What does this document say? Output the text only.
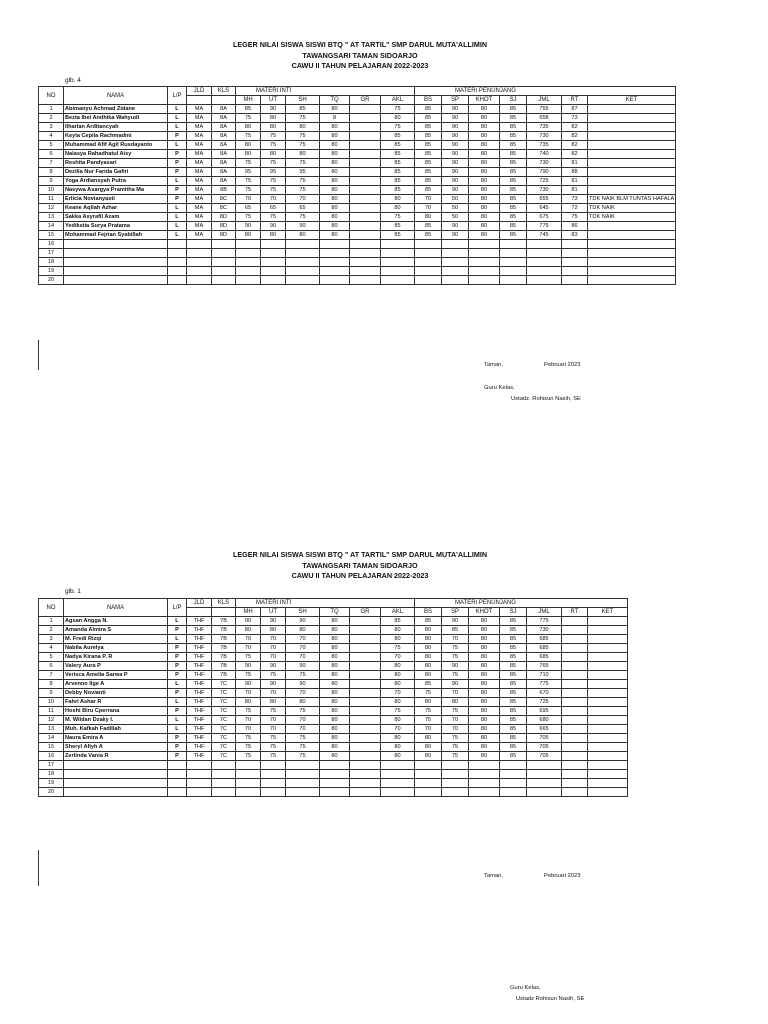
LEGER NILAI SISWA SISWI BTQ " AT TARTIL" SMP DARUL MUTA'ALLIMIN
TAWANGSARI TAMAN SIDOARJO
CAWU II TAHUN PELAJARAN 2022-2023
glb. 4
NO	NAMA	L/P	JLD	KLS	MATERI INTI						MATERI PENUNJANG						
					MH	UT	SH	TQ	GR	AKL	BS	SP	KHOT	SJ	JML	RT	KET
1	Abimanyu Achmad Zidane	L	MA	8A	85	90	85	80		75	85	90	80	85	755	87	
2	Bezta Ibel Andhika Wahyudi	L	MA	8A	75	80	75	8		80	85	90	80	85	658	73	
3	Ilharlan Arditancyah	L	MA	8A	80	80	80	80		75	85	90	80	85	735	82	
4	Keyla Cepila Rachmadini	P	MA	8A	75	75	75	80		85	85	90	80	85	730	82	
5	Muhammad Afif Agil Rusdayanto	L	MA	8A	80	75	75	80		85	85	90	80	85	735	82	
6	Nalasya Rahadhatul Aisy	P	MA	8A	80	80	80	80		85	85	90	80	85	740	82	
7	Reshita Pandyasari	P	MA	8A	75	75	75	80		85	85	90	80	85	730	81	
8	Dezilia Nur Farida Gafiri	P	MA	8A	95	95	95	80		85	85	90	80	85	790	88	
9	Yoga Ardiansyah Putra	L	MA	8A	75	75	75	80		85	85	90	80	85	725	81	
10	Nasywa Asargya Pramitha Ma	P	MA	8B	75	75	75	80		85	85	90	80	85	730	81	
11	Erlicia Novianyasti	P	MA	8C	70	70	70	80		80	70	50	80	85	655	73	TDK NAIK BLM TUNTAS HAFALA
12	Keane Aqilah Azhar	L	MA	8C	65	65	65	80		80	70	50	80	85	645	72	TDK NAIK
13	Sakka Asyrafil Azam	L	MA	8D	75	75	75	80		75	80	50	80	85	675	75	TDK NAIK
14	Yedikstia Surya Pratama	L	MA	8D	90	90	90	80		85	85	90	80	85	775	86	
15	Mohammad Fejrian Syabillah	L	MA	8D	80	80	80	80		85	85	90	80	85	745	83	
16																	
17																	
18																	
19																	
20																	
Taman,	Pebruari 2023
Guru Kelas,
Ustadz. Rohisun Nasih, SE
LEGER NILAI SISWA SISWI BTQ " AT TARTIL" SMP DARUL MUTA'ALLIMIN
TAWANGSARI TAMAN SIDOARJO
CAWU II TAHUN PELAJARAN 2022-2023
glb. 1
NO	NAMA	L/P	JLD	KLS	MATERI INTI						MATERI PENUNJANG						
					MH	UT	SH	TQ	GR	AKL	BS	SP	KHOT	SJ	JML	RT	KET
1	Agsan Angga N.	L	THF	7B	90	90	90	80		85	85	90	80	85	775		
2	Amanda Almira S	P	THF	7B	80	80	80	80		80	80	85	80	85	730		
3	M. Fredi Rizqi	L	THF	7B	70	70	70	80		80	80	70	80	85	685		
4	Nabila Aurelya	P	THF	7B	70	70	70	80		75	80	75	80	85	685		
5	Nadya Kirana P. R	P	THF	7B	75	70	70	80		70	80	75	80	85	685		
6	Valery Aura P	P	THF	7B	90	90	90	80		80	80	90	80	85	765		
7	Verisca Amelia Sarwa P	P	THF	7B	75	75	75	80		80	80	75	80	85	710		
8	Arvenno Ilge A	L	THF	7C	90	90	90	80		80	85	90	80	85	775		
9	Debby Novianti	P	THF	7C	70	70	70	80		70	75	70	80	85	670		
10	Fahri Ashar R	L	THF	7C	80	80	80	80		80	80	80	80	85	725		
11	Hoshi Biru Cperrana	P	THF	7C	75	75	75	80		75	75	75	80	85	695		
12	M. Wildan Dzaky I.	L	THF	7C	70	70	70	80		80	75	70	80	85	680		
13	Muh. Kafkah Fadillah	L	THF	7C	70	70	70	80		70	70	70	80	85	665		
14	Naura Emira A	P	THF	7C	75	75	75	80		80	80	75	80	85	705		
15	Sheryl Afiyh A	P	THF	7C	75	75	75	80		80	80	75	80	85	705		
16	Zerlinda Vania R	P	THF	7C	75	75	75	80		80	80	75	80	85	705		
17																	
18																	
19																	
20																	
Taman,	Pebruari 2023
Guru Kelas,
Ustadz Rohisun Nasih, SE
